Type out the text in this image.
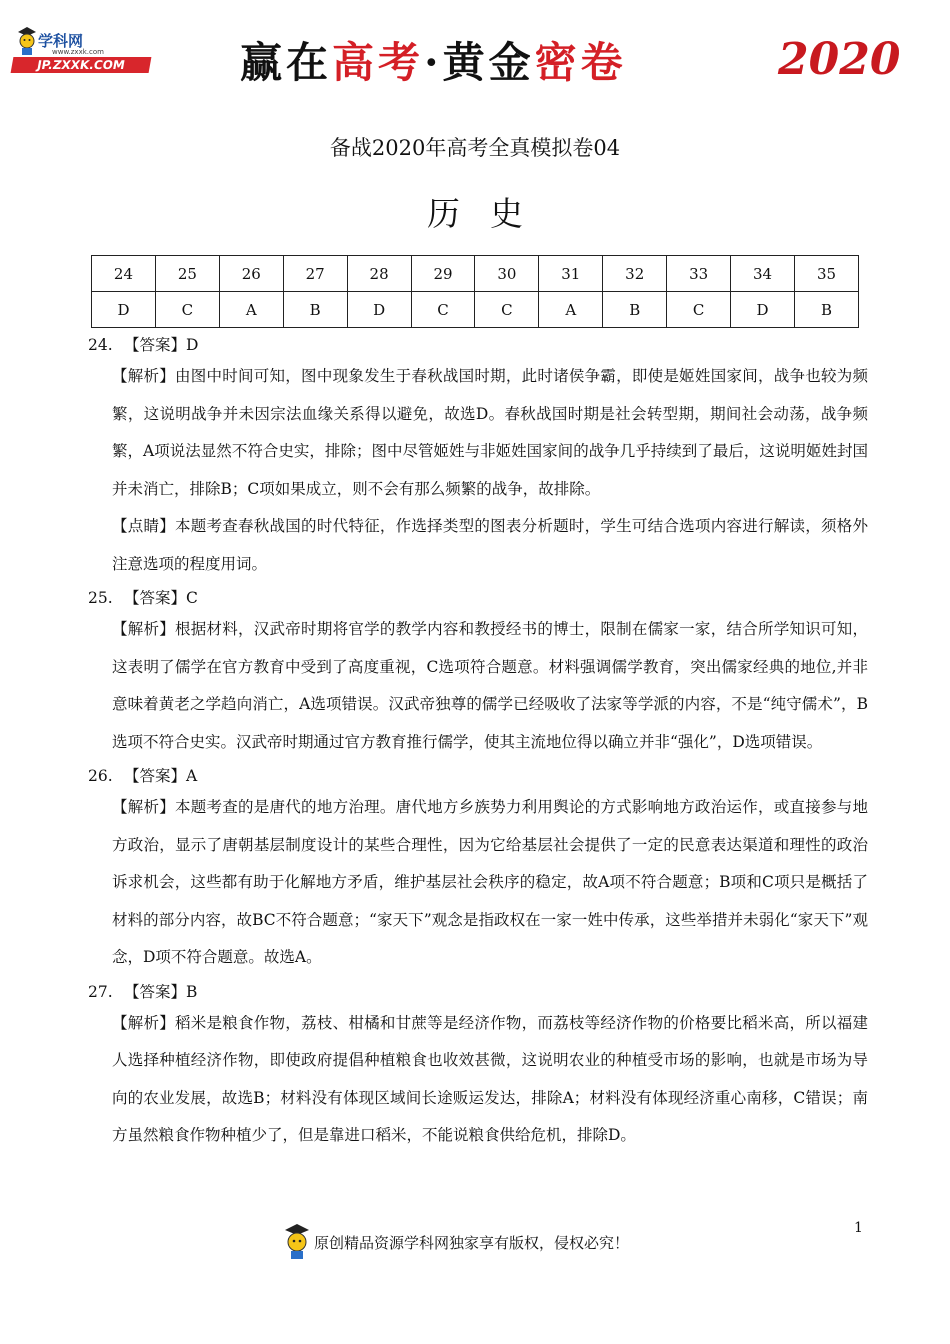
学科网
www.zxxk.com
JP.ZXXK.COM	赢在高考·黄金密卷	2020
备战2020年高考全真模拟卷04
历史
24	25	26	27	28	29	30	31	32	33	34	35
D	C	A	B	D	C	C	A	B	C	D	B
24. 【答案】D
【解析】由图中时间可知，图中现象发生于春秋战国时期，此时诸侯争霸，即使是姬姓国家间，战争也较为频繁，这说明战争并未因宗法血缘关系得以避免，故选D。春秋战国时期是社会转型期，期间社会动荡，战争频繁，A项说法显然不符合史实，排除；图中尽管姬姓与非姬姓国家间的战争几乎持续到了最后，这说明姬姓封国并未消亡，排除B；C项如果成立，则不会有那么频繁的战争，故排除。
【点睛】本题考查春秋战国的时代特征，作选择类型的图表分析题时，学生可结合选项内容进行解读，须格外注意选项的程度用词。
25. 【答案】C
【解析】根据材料，汉武帝时期将官学的教学内容和教授经书的博士，限制在儒家一家，结合所学知识可知，这表明了儒学在官方教育中受到了高度重视，C选项符合题意。材料强调儒学教育，突出儒家经典的地位,并非意味着黄老之学趋向消亡，A选项错误。汉武帝独尊的儒学已经吸收了法家等学派的内容，不是“纯守儒术”，B选项不符合史实。汉武帝时期通过官方教育推行儒学，使其主流地位得以确立并非“强化”，D选项错误。
26. 【答案】A
【解析】本题考查的是唐代的地方治理。唐代地方乡族势力利用舆论的方式影响地方政治运作，或直接参与地方政治，显示了唐朝基层制度设计的某些合理性，因为它给基层社会提供了一定的民意表达渠道和理性的政治诉求机会，这些都有助于化解地方矛盾，维护基层社会秩序的稳定，故A项不符合题意；B项和C项只是概括了材料的部分内容，故BC不符合题意；“家天下”观念是指政权在一家一姓中传承，这些举措并未弱化“家天下”观念，D项不符合题意。故选A。
27. 【答案】B
【解析】稻米是粮食作物，荔枝、柑橘和甘蔗等是经济作物，而荔枝等经济作物的价格要比稻米高，所以福建人选择种植经济作物，即使政府提倡种植粮食也收效甚微，这说明农业的种植受市场的影响，也就是市场为导向的农业发展，故选B；材料没有体现区域间长途贩运发达，排除A；材料没有体现经济重心南移，C错误；南方虽然粮食作物种植少了，但是靠进口稻米，不能说粮食供给危机，排除D。
原创精品资源学科网独家享有版权，侵权必究！
1
